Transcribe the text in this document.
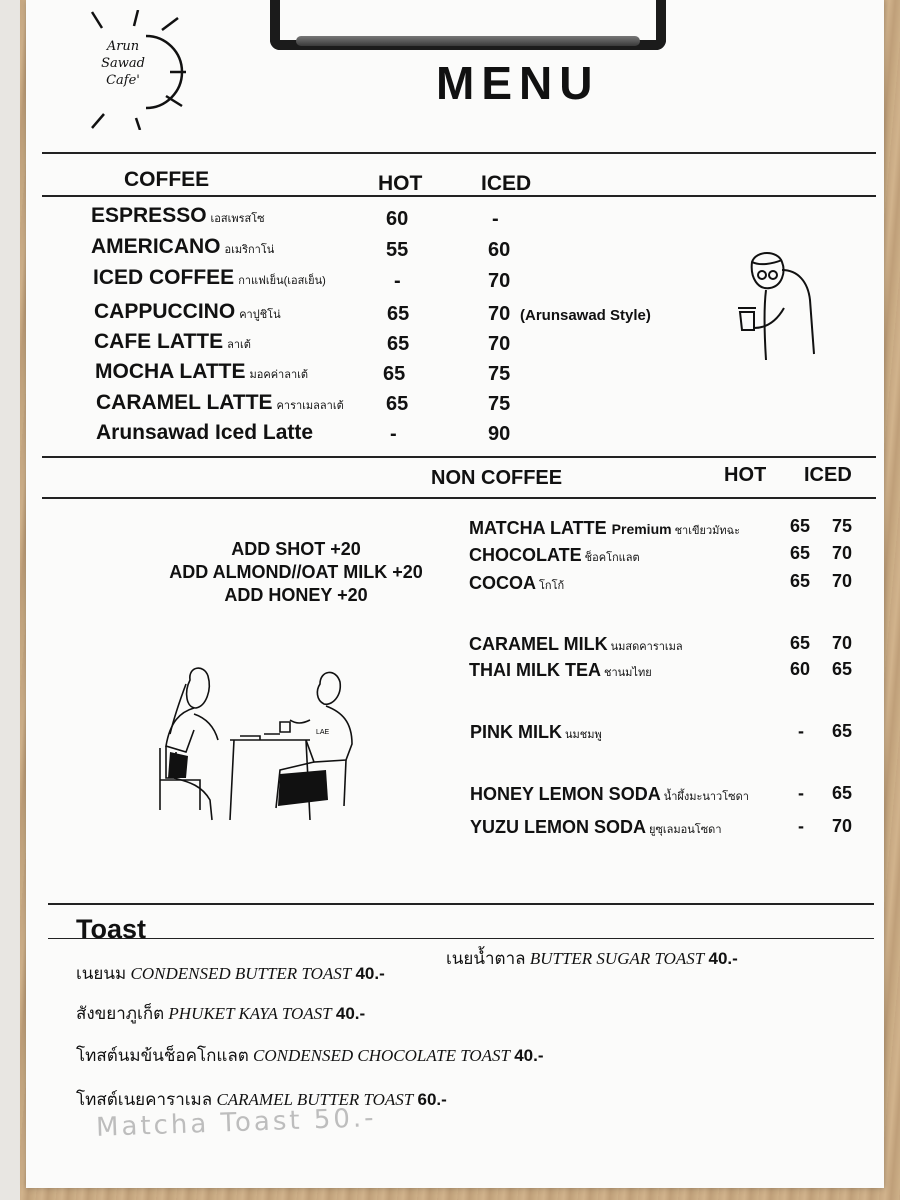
Arun
Sawad
Cafe'	MENU
COFFEE	HOT	ICED
ESPRESSO เอสเพรสโซ	60	-
AMERICANO อเมริกาโน่	55	60
ICED COFFEE กาแฟเย็น(เอสเย็น)	-	70
CAPPUCCINO คาปูชิโน่	65	70 (Arunsawad Style)
CAFE LATTE ลาเต้	65	70
MOCHA LATTE มอคค่าลาเต้	65	75
CARAMEL LATTE คาราเมลลาเต้ 65	75
Arunsawad Iced Latte	-	90
NON COFFEE	HOT ICED
ADD SHOT +20
ADD ALMOND//OAT MILK +20
ADD HONEY +20
MATCHA LATTE Premium ชาเขียวมัทฉะ	65 75
CHOCOLATE ช็อคโกแลต	65 70
COCOA โกโก้	65 70
CARAMEL MILK นมสดคาราเมล	65 70
THAI MILK TEA ชานมไทย	60 65
PINK MILK นมชมพู	- 65
HONEY LEMON SODA น้ำผึ้งมะนาวโซดา	- 65
YUZU LEMON SODA ยูซุเลมอนโซดา	- 70
LAE
Toast
เนยนม CONDENSED BUTTER TOAST 40.-
เนยน้ำตาล BUTTER SUGAR TOAST 40.-
สังขยาภูเก็ต PHUKET KAYA TOAST 40.-
โทสต์นมข้นช็อคโกแลต CONDENSED CHOCOLATE TOAST 40.-
โทสต์เนยคาราเมล CARAMEL BUTTER TOAST 60.-
Matcha Toast 50.-
